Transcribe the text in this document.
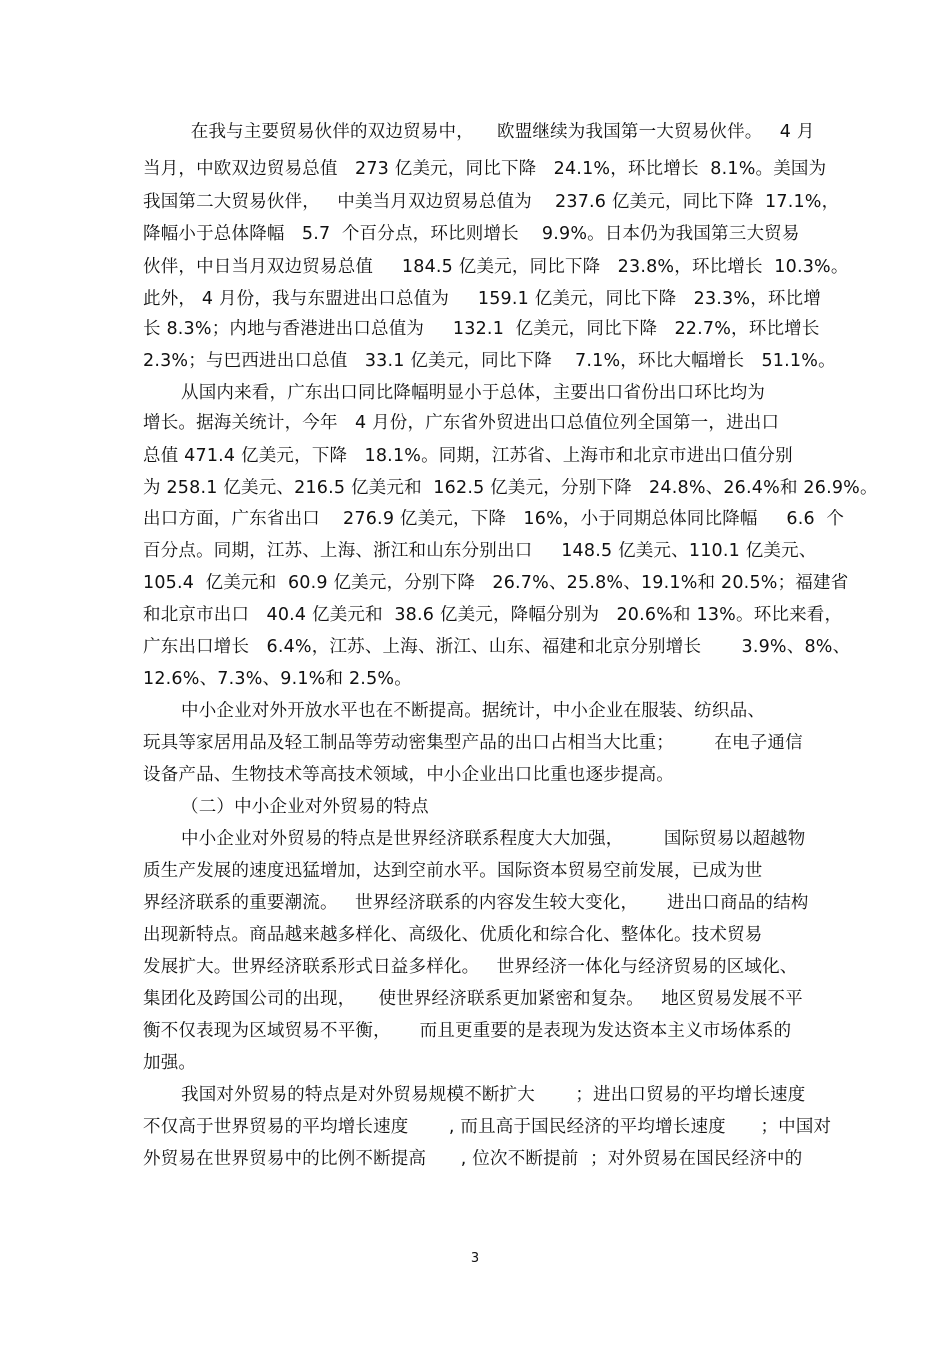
在我与主要贸易伙伴的双边贸易中，    欧盟继续为我国第一大贸易伙伴。   4 月
当月，中欧双边贸易总值   273 亿美元，同比下降   24.1%，环比增长  8.1%。美国为
我国第二大贸易伙伴，   中美当月双边贸易总值为    237.6 亿美元，同比下降  17.1%，
降幅小于总体降幅   5.7  个百分点，环比则增长    9.9%。日本仍为我国第三大贸易
伙伴，中日当月双边贸易总值     184.5 亿美元，同比下降   23.8%，环比增长  10.3%。
此外， 4 月份，我与东盟进出口总值为     159.1 亿美元，同比下降   23.3%，环比增
长 8.3%；内地与香港进出口总值为     132.1  亿美元，同比下降   22.7%，环比增长
2.3%；与巴西进出口总值   33.1 亿美元，同比下降    7.1%，环比大幅增长   51.1%。
从国内来看，广东出口同比降幅明显小于总体，主要出口省份出口环比均为
增长。据海关统计，今年   4 月份，广东省外贸进出口总值位列全国第一，进出口
总值 471.4 亿美元，下降   18.1%。同期，江苏省、上海市和北京市进出口值分别
为 258.1 亿美元、216.5 亿美元和  162.5 亿美元，分别下降   24.8%、26.4%和 26.9%。
出口方面，广东省出口    276.9 亿美元，下降   16%，小于同期总体同比降幅     6.6  个
百分点。同期，江苏、上海、浙江和山东分别出口     148.5 亿美元、110.1 亿美元、
105.4  亿美元和  60.9 亿美元，分别下降   26.7%、25.8%、19.1%和 20.5%；福建省
和北京市出口   40.4 亿美元和  38.6 亿美元，降幅分别为   20.6%和 13%。环比来看，
广东出口增长   6.4%，江苏、上海、浙江、山东、福建和北京分别增长       3.9%、8%、
12.6%、7.3%、9.1%和 2.5%。
中小企业对外开放水平也在不断提高。据统计，中小企业在服装、纺织品、
玩具等家居用品及轻工制品等劳动密集型产品的出口占相当大比重；       在电子通信
设备产品、生物技术等高技术领域，中小企业出口比重也逐步提高。
（二）中小企业对外贸易的特点
中小企业对外贸易的特点是世界经济联系程度大大加强，       国际贸易以超越物
质生产发展的速度迅猛增加，达到空前水平。国际资本贸易空前发展，已成为世
界经济联系的重要潮流。   世界经济联系的内容发生较大变化，     进出口商品的结构
出现新特点。商品越来越多样化、高级化、优质化和综合化、整体化。技术贸易
发展扩大。世界经济联系形式日益多样化。   世界经济一体化与经济贸易的区域化、
集团化及跨国公司的出现，    使世界经济联系更加紧密和复杂。   地区贸易发展不平
衡不仅表现为区域贸易不平衡，     而且更重要的是表现为发达资本主义市场体系的
加强。
我国对外贸易的特点是对外贸易规模不断扩大       ；进出口贸易的平均增长速度
不仅高于世界贸易的平均增长速度       , 而且高于国民经济的平均增长速度      ；中国对
外贸易在世界贸易中的比例不断提高      , 位次不断提前  ；对外贸易在国民经济中的
3
